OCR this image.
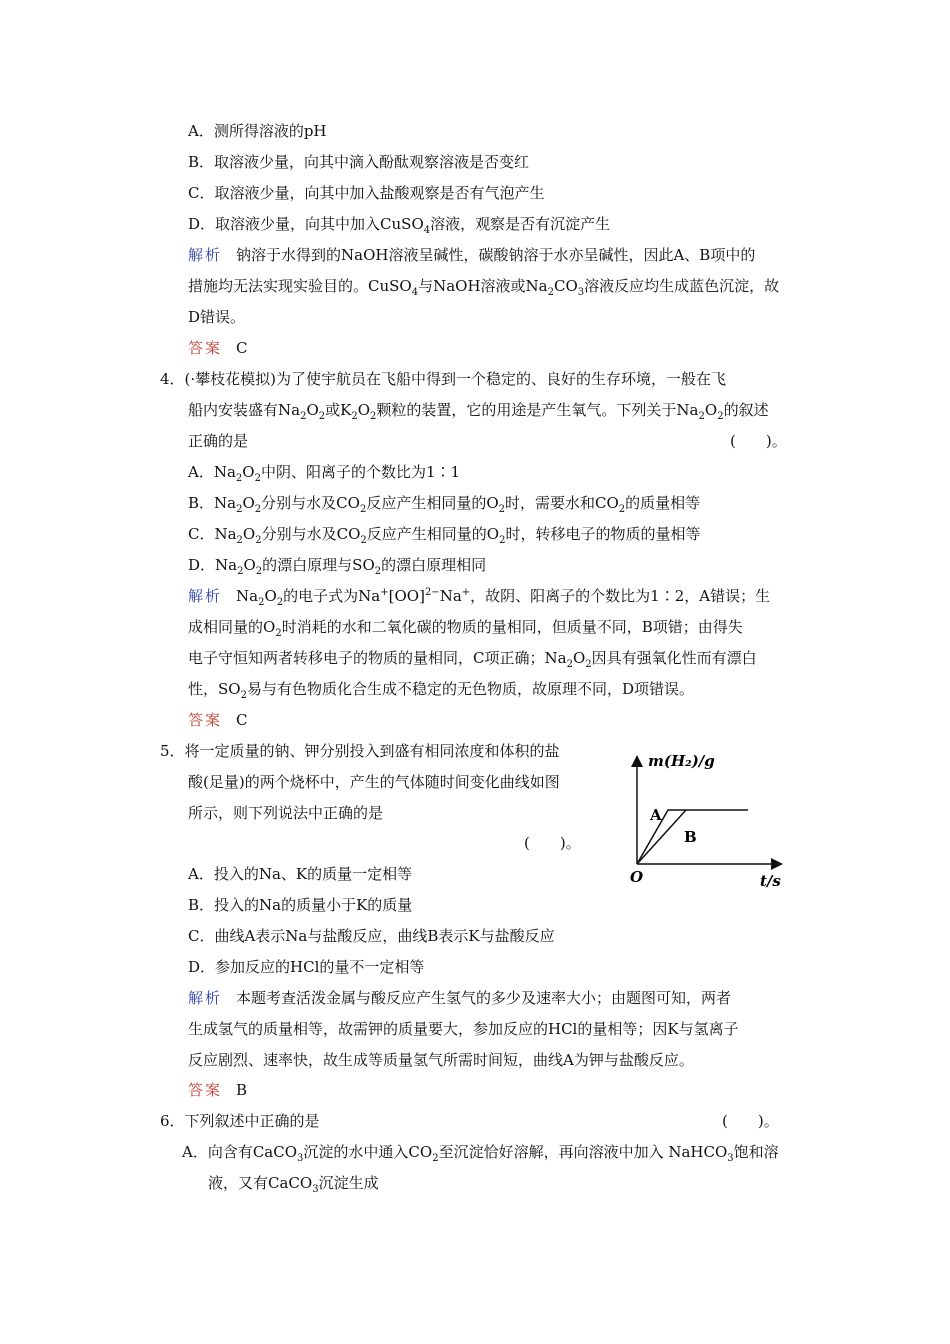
A．测所得溶液的pH
B．取溶液少量，向其中滴入酚酞观察溶液是否变红
C．取溶液少量，向其中加入盐酸观察是否有气泡产生
D．取溶液少量，向其中加入CuSO$_4$溶液，观察是否有沉淀产生
解析 钠溶于水得到的NaOH溶液呈碱性，碳酸钠溶于水亦呈碱性，因此A、B项中的
措施均无法实现实验目的。CuSO$_4$与NaOH溶液或$Na_2CO_3$溶液反应均生成蓝色沉淀，故
D错误。
答案 C
4．(·攀枝花模拟)为了使宇航员在飞船中得到一个稳定的、良好的生存环境，一般在飞
船内安装盛有$Na_2O_2$或$K_2O_2$颗粒的装置，它的用途是产生氧气。下列关于$Na_2O_2$的叙述
正确的是	(　　)。
A．$Na_2O_2$中阴、阳离子的个数比为1∶1
B．$Na_2O_2$分别与水及$CO_2$反应产生相同量的$O_2$时，需要水和$CO_2$的质量相等
C．$Na_2O_2$分别与水及$CO_2$反应产生相同量的$O_2$时，转移电子的物质的量相等
D．$Na_2O_2$的漂白原理与$SO_2$的漂白原理相同
解析 $Na_2O_2$的电子式为Na+[OO]$^{2-}$Na+，故阴、阳离子的个数比为1∶2，A错误；生
成相同量的$O_2$时消耗的水和二氧化碳的物质的量相同，但质量不同，B项错；由得失
电子守恒知两者转移电子的物质的量相同，C项正确；$Na_2O_2$因具有强氧化性而有漂白
性，$SO_2$易与有色物质化合生成不稳定的无色物质，故原理不同，D项错误。
答案 C
5．将一定质量的钠、钾分别投入到盛有相同浓度和体积的盐
酸(足量)的两个烧杯中，产生的气体随时间变化曲线如图
所示，则下列说法中正确的是
(　　)。
m(H₂)/g
t/s
O
A
B
A．投入的Na、K的质量一定相等
B．投入的Na的质量小于K的质量
C．曲线A表示Na与盐酸反应，曲线B表示K与盐酸反应
D．参加反应的HCl的量不一定相等
解析 本题考查活泼金属与酸反应产生氢气的多少及速率大小；由题图可知，两者
生成氢气的质量相等，故需钾的质量要大，参加反应的HCl的量相等；因K与氢离子
反应剧烈、速率快，故生成等质量氢气所需时间短，曲线A为钾与盐酸反应。
答案 B
6．下列叙述中正确的是	(　　)。
A．向含有CaCO$_3$沉淀的水中通入$CO_2$至沉淀恰好溶解，再向溶液中加入 NaHCO$_3$饱和溶
液，又有CaCO$_3$沉淀生成
